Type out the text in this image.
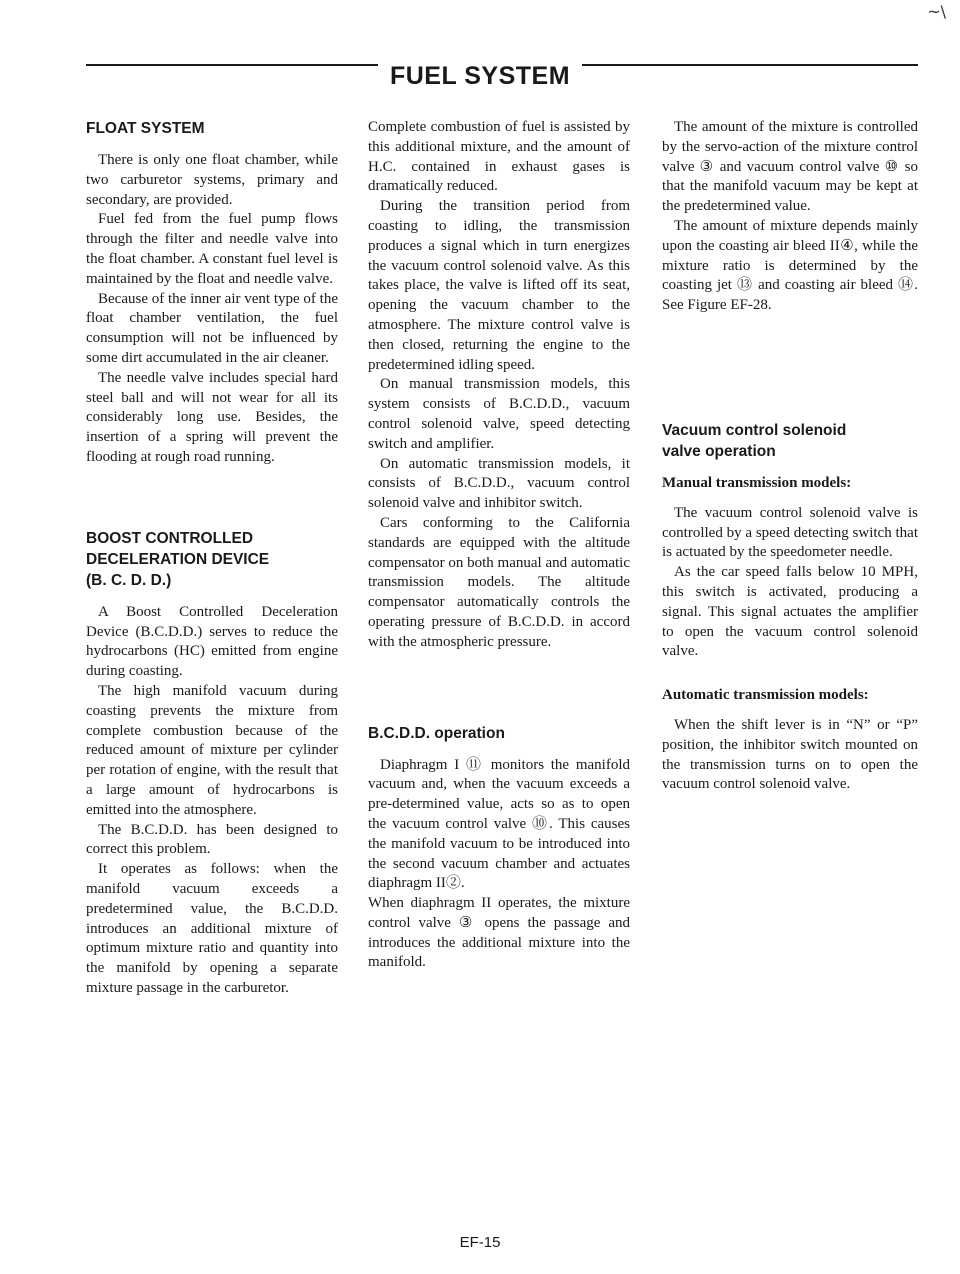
~\
FUEL SYSTEM
FLOAT SYSTEM

There is only one float chamber, while two carburetor systems, primary and secondary, are provided.

Fuel fed from the fuel pump flows through the filter and needle valve into the float chamber. A constant fuel level is maintained by the float and needle valve.

Because of the inner air vent type of the float chamber ventilation, the fuel consumption will not be influenced by some dirt accumulated in the air cleaner.

The needle valve includes special hard steel ball and will not wear for all its considerably long use. Besides, the insertion of a spring will prevent the flooding at rough road running.

BOOST CONTROLLED
DECELERATION DEVICE
(B. C. D. D.)

A Boost Controlled Deceleration Device (B.C.D.D.) serves to reduce the hydrocarbons (HC) emitted from engine during coasting.

The high manifold vacuum during coasting prevents the mixture from complete combustion because of the reduced amount of mixture per cylinder per rotation of engine, with the result that a large amount of hydrocarbons is emitted into the atmosphere.

The B.C.D.D. has been designed to correct this problem.

It operates as follows: when the manifold vacuum exceeds a predetermined value, the B.C.D.D. introduces an additional mixture of optimum mixture ratio and quantity into the manifold by opening a separate mixture passage in the carburetor.

Complete combustion of fuel is assisted by this additional mixture, and the amount of H.C. contained in exhaust gases is dramatically reduced.

During the transition period from coasting to idling, the transmission produces a signal which in turn energizes the vacuum control solenoid valve. As this takes place, the valve is lifted off its seat, opening the vacuum chamber to the atmosphere. The mixture control valve is then closed, returning the engine to the predetermined idling speed.

On manual transmission models, this system consists of B.C.D.D., vacuum control solenoid valve, speed detecting switch and amplifier.

On automatic transmission models, it consists of B.C.D.D., vacuum control solenoid valve and inhibitor switch.

Cars conforming to the California standards are equipped with the altitude compensator on both manual and automatic transmission models. The altitude compensator automatically controls the operating pressure of B.C.D.D. in accord with the atmospheric pressure.

B.C.D.D. operation

Diaphragm I ⑪ monitors the manifold vacuum and, when the vacuum exceeds a pre-determined value, acts so as to open the vacuum control valve ⑩. This causes the manifold vacuum to be introduced into the second vacuum chamber and actuates diaphragm II②.

When diaphragm II operates, the mixture control valve ③ opens the passage and introduces the additional mixture into the manifold.

The amount of the mixture is controlled by the servo-action of the mixture control valve ③ and vacuum control valve ⑩ so that the manifold vacuum may be kept at the predetermined value.

The amount of mixture depends mainly upon the coasting air bleed II④, while the mixture ratio is determined by the coasting jet ⑬ and coasting air bleed ⑭. See Figure EF-28.

Vacuum control solenoid
valve operation
Manual transmission models:

The vacuum control solenoid valve is controlled by a speed detecting switch that is actuated by the speedometer needle.

As the car speed falls below 10 MPH, this switch is activated, producing a signal. This signal actuates the amplifier to open the vacuum control solenoid valve.

Automatic transmission models:

When the shift lever is in “N” or “P” position, the inhibitor switch mounted on the transmission turns on to open the vacuum control solenoid valve.

EF-15
